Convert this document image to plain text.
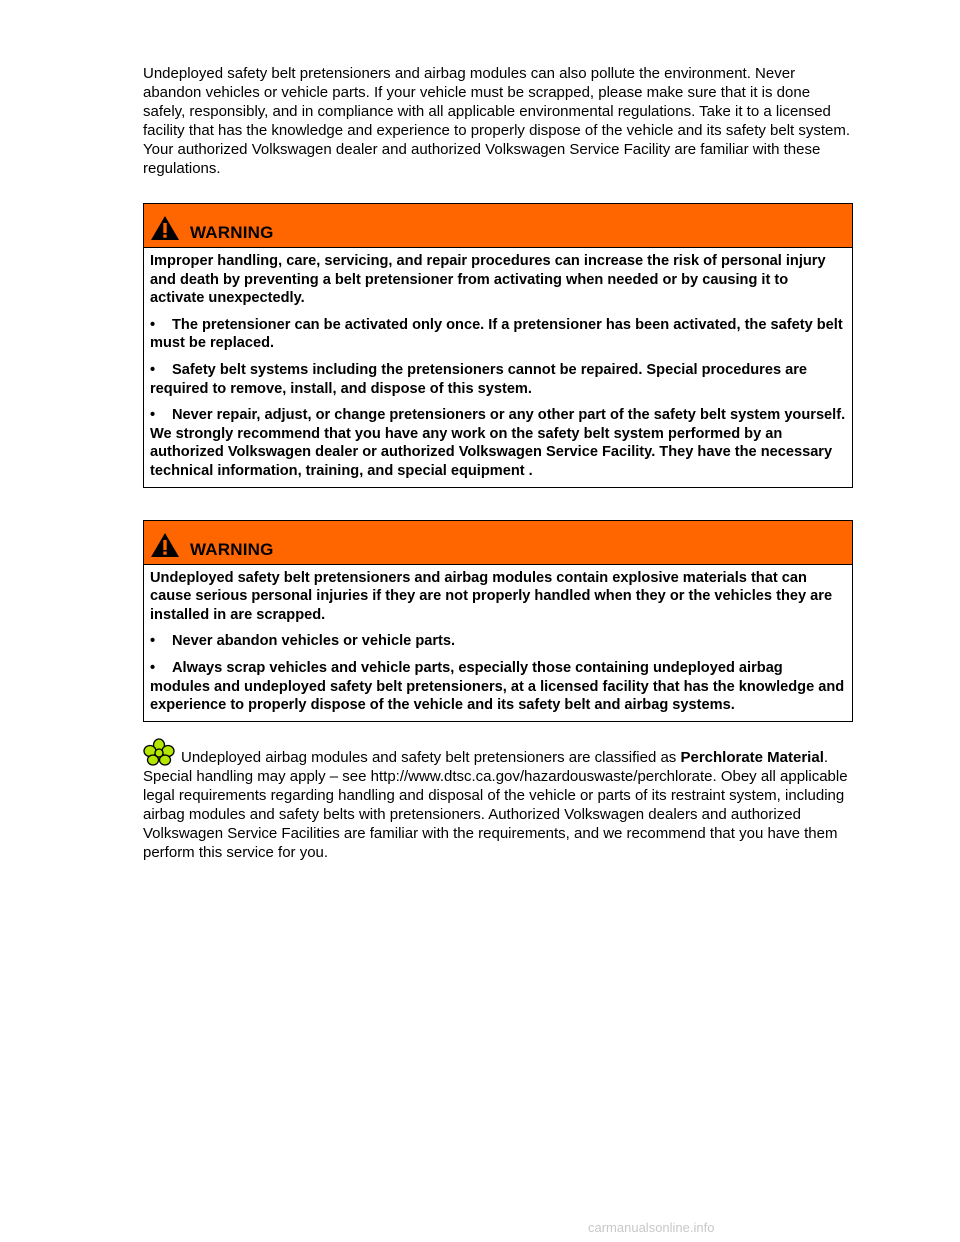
Undeployed safety belt pretensioners and airbag modules can also pollute the environment. Never abandon vehicles or vehicle parts. If your vehicle must be scrapped, please make sure that it is done safely, responsibly, and in compliance with all applicable environmental regulations. Take it to a licensed facility that has the knowledge and experience to properly dispose of the vehicle and its safety belt system. Your authorized Volkswagen dealer and authorized Volkswagen Service Facility are familiar with these regulations.

WARNING

Improper handling, care, servicing, and repair procedures can increase the risk of personal injury and death by preventing a belt pretensioner from activating when needed or by causing it to activate unexpectedly.

• The pretensioner can be activated only once. If a pretensioner has been activated, the safety belt must be replaced.

• Safety belt systems including the pretensioners cannot be repaired. Special procedures are required to remove, install, and dispose of this system.

• Never repair, adjust, or change pretensioners or any other part of the safety belt system yourself. We strongly recommend that you have any work on the safety belt system performed by an authorized Volkswagen dealer or authorized Volkswagen Service Facility. They have the necessary technical information, training, and special equipment .

WARNING

Undeployed safety belt pretensioners and airbag modules contain explosive materials that can cause serious personal injuries if they are not properly handled when they or the vehicles they are installed in are scrapped.

• Never abandon vehicles or vehicle parts.

• Always scrap vehicles and vehicle parts, especially those containing undeployed airbag modules and undeployed safety belt pretensioners, at a licensed facility that has the knowledge and experience to properly dispose of the vehicle and its safety belt and airbag systems.

Undeployed airbag modules and safety belt pretensioners are classified as Perchlorate Material. Special handling may apply – see http://www.dtsc.ca.gov/hazardouswaste/perchlorate. Obey all applicable legal requirements regarding handling and disposal of the vehicle or parts of its restraint system, including airbag modules and safety belts with pretensioners. Authorized Volkswagen dealers and authorized Volkswagen Service Facilities are familiar with the requirements, and we recommend that you have them perform this service for you.

carmanualsonline.info
